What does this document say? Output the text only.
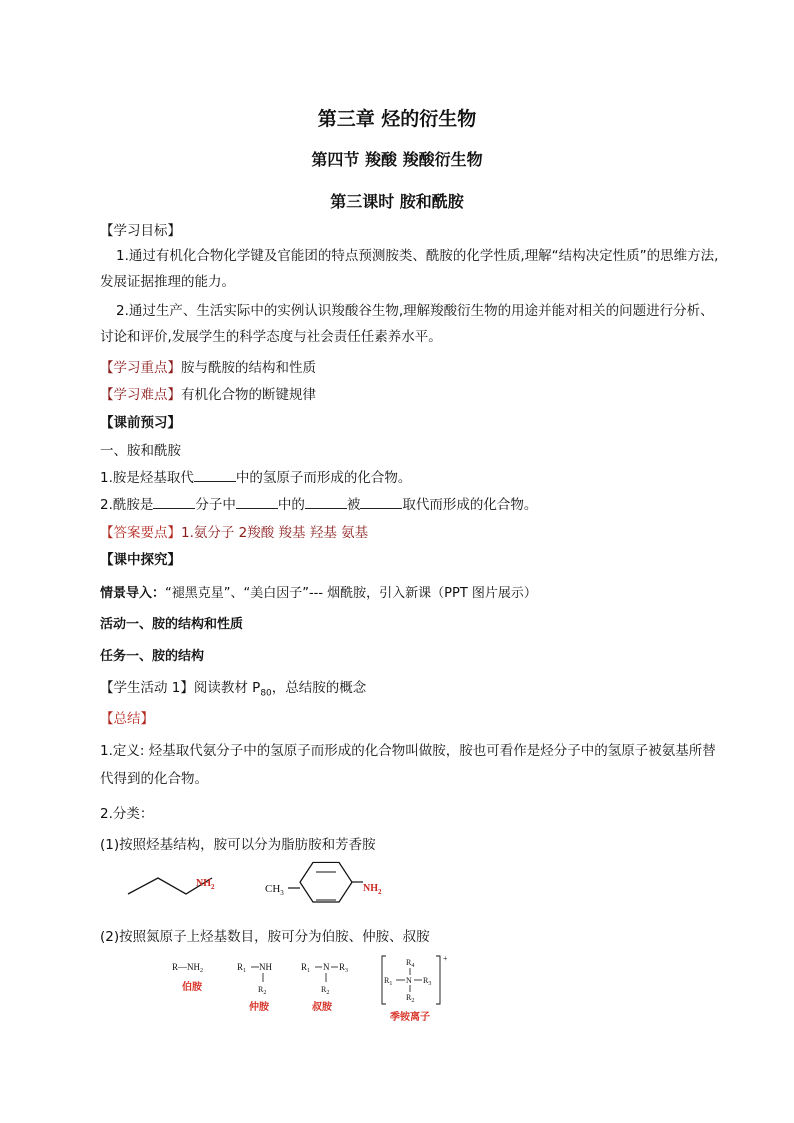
第三章 烃的衍生物
第四节 羧酸 羧酸衍生物
第三课时 胺和酰胺
【学习目标】
1.通过有机化合物化学键及官能团的特点预测胺类、酰胺的化学性质,理解“结构决定性质”的思维方法,发展证据推理的能力。
2.通过生产、生活实际中的实例认识羧酸谷生物,理解羧酸衍生物的用途并能对相关的问题进行分析、讨论和评价,发展学生的科学态度与社会责任任素养水平。
【学习重点】胺与酰胺的结构和性质
【学习难点】有机化合物的断键规律
【课前预习】
一、胺和酰胺
1.胺是烃基取代	中的氢原子而形成的化合物。
2.酰胺是	分子中	中的	被	取代而形成的化合物。
【答案要点】1.氨分子 2羧酸 羧基 羟基 氨基
【课中探究】
情景导入：“褪黑克星”、“美白因子”--- 烟酰胺，引入新课（PPT 图片展示）
活动一、胺的结构和性质
任务一、胺的结构
【学生活动 1】阅读教材 $P_{80}$，总结胺的概念
【总结】
1.定义: 烃基取代氨分子中的氢原子而形成的化合物叫做胺，胺也可看作是烃分子中的氢原子被氨基所替代得到的化合物。
2.分类：
(1)按照烃基结构，胺可以分为脂肪胺和芳香胺
$NH_2$	$CH_3$	$NH_2$
(2)按照氮原子上烃基数目，胺可分为伯胺、仲胺、叔胺
$R—NH_2$
伯胺
$R_1$ NH
$R_2$
仲胺
$R_1$ N $R_3$
$R_2$
叔胺
+
$R_4$
$R_1$ N $R_3$
$R_2$
季铵离子
